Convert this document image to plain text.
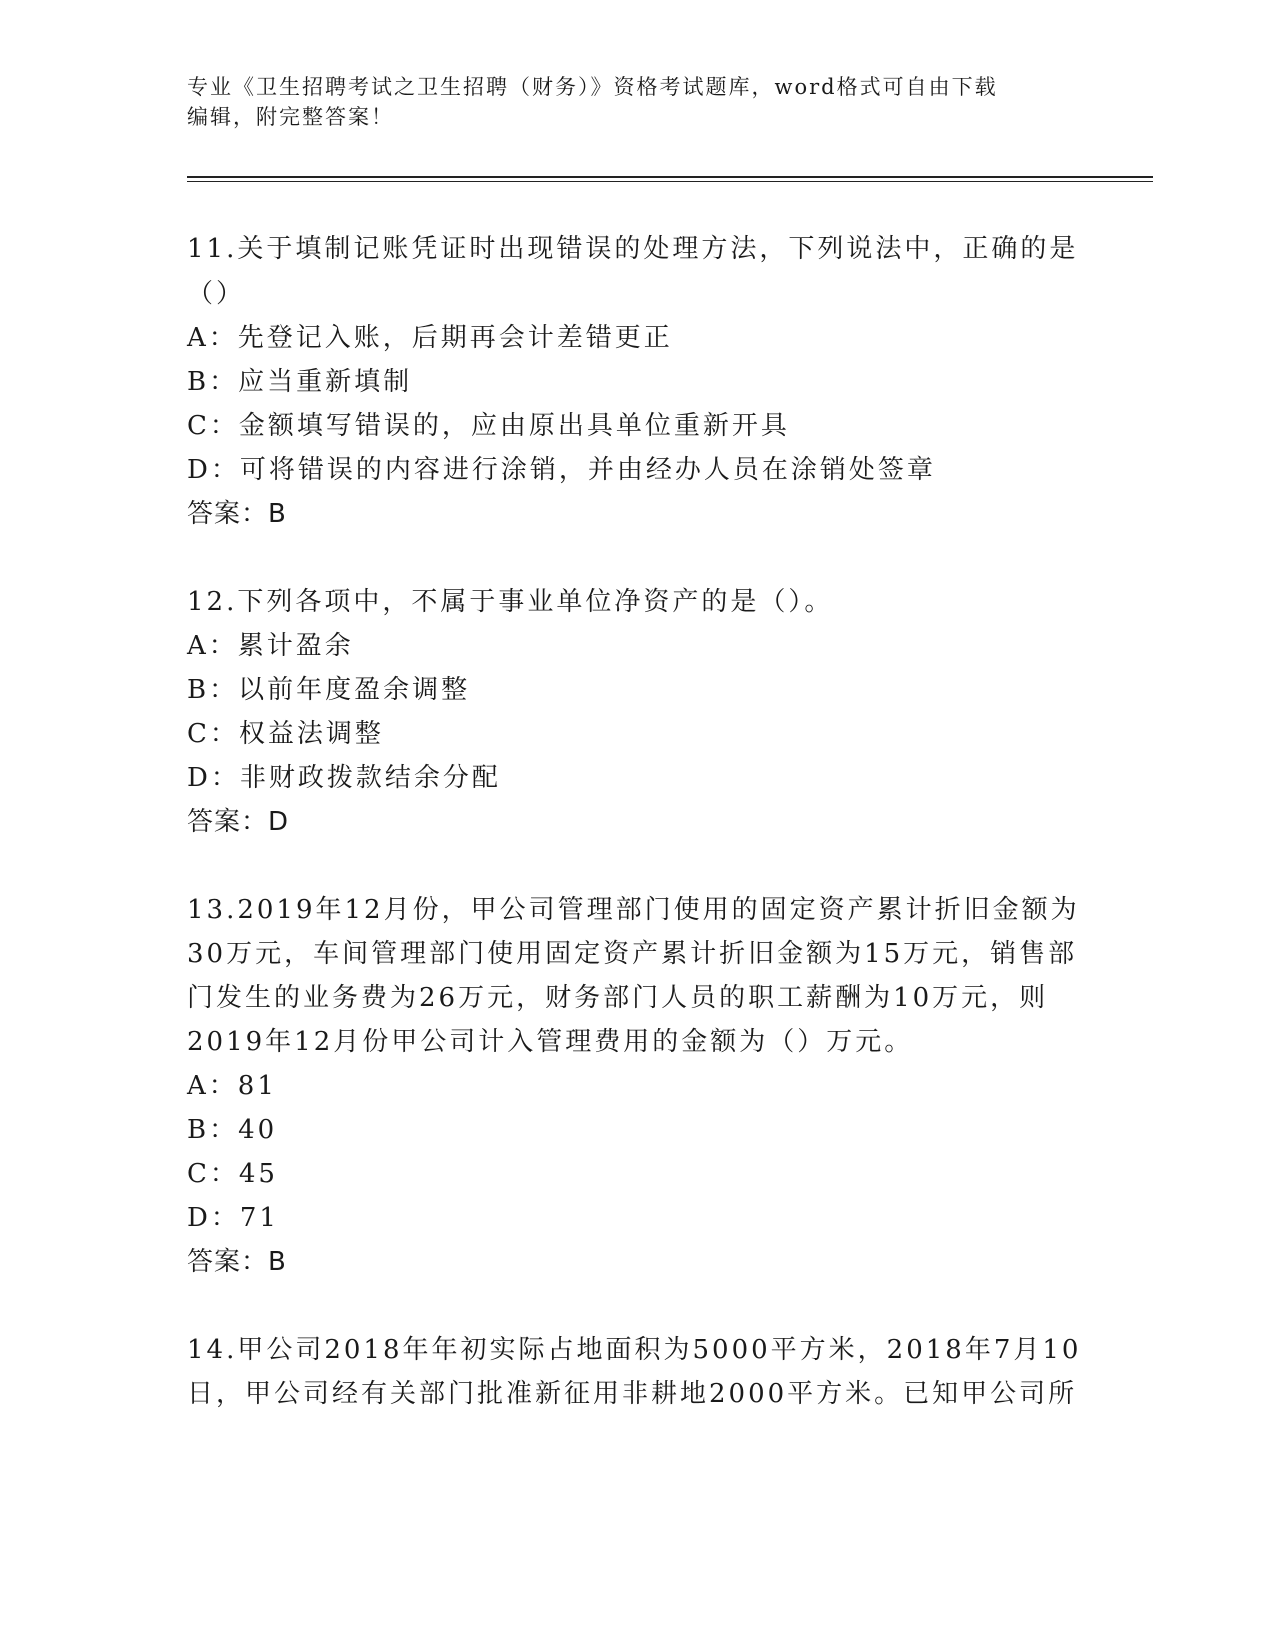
专业《卫生招聘考试之卫生招聘（财务）》资格考试题库，word格式可自由下载
编辑，附完整答案！
11.关于填制记账凭证时出现错误的处理方法，下列说法中，正确的是
（）
A：先登记入账，后期再会计差错更正
B：应当重新填制
C：金额填写错误的，应由原出具单位重新开具
D：可将错误的内容进行涂销，并由经办人员在涂销处签章
答案：B
12.下列各项中，不属于事业单位净资产的是（）。
A：累计盈余
B：以前年度盈余调整
C：权益法调整
D：非财政拨款结余分配
答案：D
13.2019年12月份，甲公司管理部门使用的固定资产累计折旧金额为
30万元，车间管理部门使用固定资产累计折旧金额为15万元，销售部
门发生的业务费为26万元，财务部门人员的职工薪酬为10万元，则
2019年12月份甲公司计入管理费用的金额为（）万元。
A：81
B：40
C：45
D：71
答案：B
14.甲公司2018年年初实际占地面积为5000平方米，2018年7月10
日，甲公司经有关部门批准新征用非耕地2000平方米。已知甲公司所
